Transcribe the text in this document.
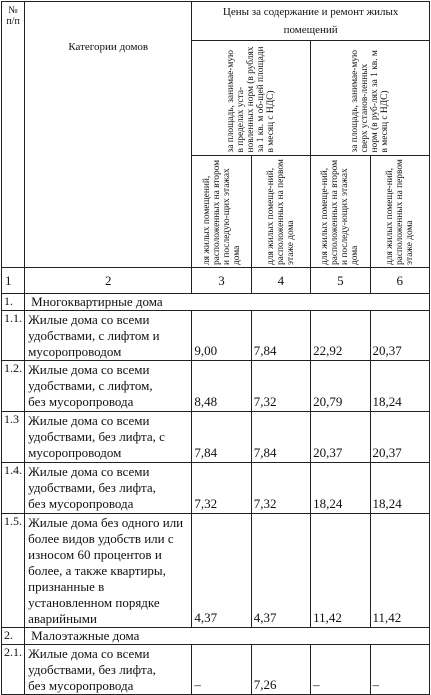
№ п/п	Категории домов	Цены за содержание и ремонт жилых помещений			

		за площадь, занимае-мую в пределах уста-новленных норм (в рублях за 1 кв. м об-щей площади в месяц с НДС)		за площадь, занимае-мую сверх установ-ленных норм (в руб-лях за 1 кв. м в месяц с НДС)	

		ля жилых помещений, расположенных на втором и последую-щих этажах дома	для жилых помеще-ний, расположенных на первом этаже дома	для жилых помеще-ний, расположенных на втором и последу-ющих этажах дома	для жилых помеще-ний, расположенных на первом этаже дома

1	2	3	4	5	6
1.	Многоквартирные дома				
1.1.	Жилые дома со всеми удобствами, с лифтом и мусоропроводом	9,00	7,84	22,92	20,37
1.2.	Жилые дома со всеми удобствами, с лифтом, без мусоропровода	8,48	7,32	20,79	18,24
1.3	Жилые дома со всеми удобствами, без лифта, с мусоропроводом	7,84	7,84	20,37	20,37
1.4.	Жилые дома со всеми удобствами, без лифта, без мусоропровода	7,32	7,32	18,24	18,24
1.5.	Жилые дома без одного или более видов удобств или с износом 60 процентов и более, а также квартиры, признанные в установленном порядке аварийными	4,37	4,37	11,42	11,42
2.	Малоэтажные дома				
2.1.	Жилые дома со всеми удобствами, без лифта, без мусоропровода	–	7,26	–	–
